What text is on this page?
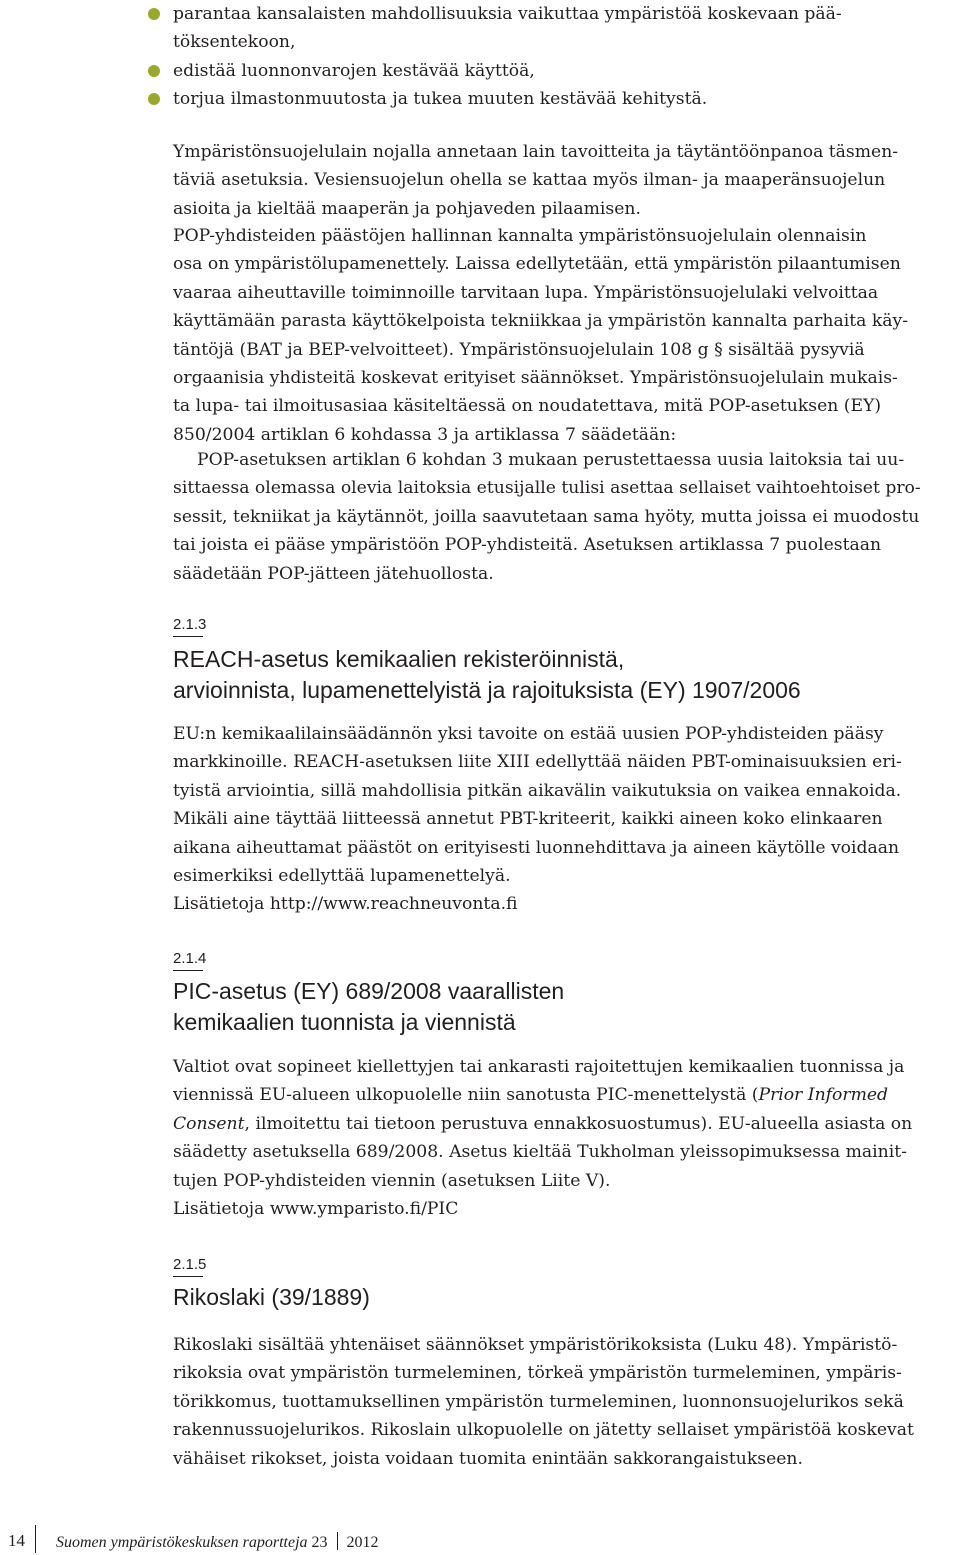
parantaa kansalaisten mahdollisuuksia vaikuttaa ympäristöä koskevaan pää-
töksentekoon,
edistää luonnonvarojen kestävää käyttöä,
torjua ilmastonmuutosta ja tukea muuten kestävää kehitystä.
Ympäristönsuojelulain nojalla annetaan lain tavoitteita ja täytäntöönpanoa täsmen-
täviä asetuksia. Vesiensuojelun ohella se kattaa myös ilman- ja maaperänsuojelun
asioita ja kieltää maaperän ja pohjaveden pilaamisen.
POP-yhdisteiden päästöjen hallinnan kannalta ympäristönsuojelulain olennaisin
osa on ympäristölupamenettely. Laissa edellytetään, että ympäristön pilaantumisen
vaaraa aiheuttaville toiminnoille tarvitaan lupa. Ympäristönsuojelulaki velvoittaa
käyttämään parasta käyttökelpoista tekniikkaa ja ympäristön kannalta parhaita käy-
täntöjä (BAT ja BEP-velvoitteet). Ympäristönsuojelulain 108 g § sisältää pysyviä
orgaanisia yhdisteitä koskevat erityiset säännökset. Ympäristönsuojelulain mukais-
ta lupa- tai ilmoitusasiaa käsiteltäessä on noudatettava, mitä POP-asetuksen (EY)
850/2004 artiklan 6 kohdassa 3 ja artiklassa 7 säädetään:
POP-asetuksen artiklan 6 kohdan 3 mukaan perustettaessa uusia laitoksia tai uu-
sittaessa olemassa olevia laitoksia etusijalle tulisi asettaa sellaiset vaihtoehtoiset pro-
sessit, tekniikat ja käytännöt, joilla saavutetaan sama hyöty, mutta joissa ei muodostu
tai joista ei pääse ympäristöön POP-yhdisteitä. Asetuksen artiklassa 7 puolestaan
säädetään POP-jätteen jätehuollosta.
2.1.3
REACH-asetus kemikaalien rekisteröinnistä,
arvioinnista, lupamenettelyistä ja rajoituksista (EY) 1907/2006
EU:n kemikaalilainsäädännön yksi tavoite on estää uusien POP-yhdisteiden pääsy
markkinoille. REACH-asetuksen liite XIII edellyttää näiden PBT-ominaisuuksien eri-
tyistä arviointia, sillä mahdollisia pitkän aikavälin vaikutuksia on vaikea ennakoida.
Mikäli aine täyttää liitteessä annetut PBT-kriteerit, kaikki aineen koko elinkaaren
aikana aiheuttamat päästöt on erityisesti luonnehdittava ja aineen käytölle voidaan
esimerkiksi edellyttää lupamenettelyä.
Lisätietoja http://www.reachneuvonta.fi
2.1.4
PIC-asetus (EY) 689/2008 vaarallisten
kemikaalien tuonnista ja viennistä
Valtiot ovat sopineet kiellettyjen tai ankarasti rajoitettujen kemikaalien tuonnissa ja
viennissä EU-alueen ulkopuolelle niin sanotusta PIC-menettelystä (Prior Informed
Consent, ilmoitettu tai tietoon perustuva ennakkosuostumus). EU-alueella asiasta on
säädetty asetuksella 689/2008. Asetus kieltää Tukholman yleissopimuksessa mainit-
tujen POP-yhdisteiden viennin (asetuksen Liite V).
Lisätietoja www.ymparisto.fi/PIC
2.1.5
Rikoslaki (39/1889)
Rikoslaki sisältää yhtenäiset säännökset ympäristörikoksista (Luku 48). Ympäristö-
rikoksia ovat ympäristön turmeleminen, törkeä ympäristön turmeleminen, ympäris-
törikkomus, tuottamuksellinen ympäristön turmeleminen, luonnonsuojelurikos sekä
rakennussuojelurikos. Rikoslain ulkopuolelle on jätetty sellaiset ympäristöä koskevat
vähäiset rikokset, joista voidaan tuomita enintään sakkorangaistukseen.
14 Suomen ympäristökeskuksen raportteja 23 2012
